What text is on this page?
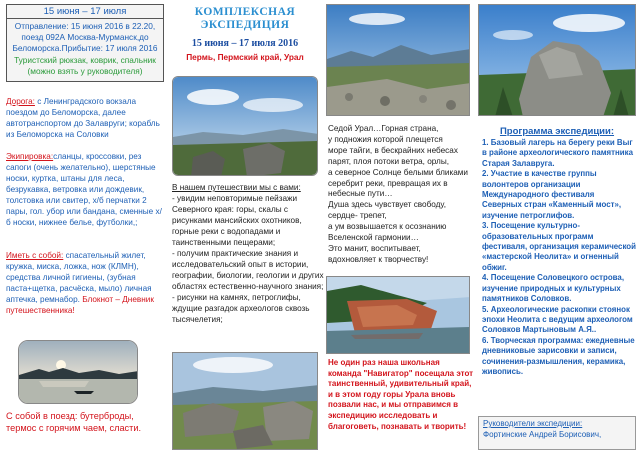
15 июня – 17 июля
Отправление: 15 июня 2016 в 22.20, поезд 092А Москва-Мурманск,до Беломорска.Прибытие: 17 июля 2016
Туристский рюкзак, коврик, спальник (можно взять у руководителя)
Дорога: с Ленинградского вокзала поездом до Беломорска, далее автотранспортом до Залавруги; корабль из Беломорска на Соловки
Экипировка:сланцы, кроссовки, рез сапоги (очень желательно), шерстяные носки, куртка, штаны для леса, безрукавка, ветровка или дождевик, толстовка или свитер, х/б перчатки 2 пары, гол. убор или бандана, сменные х/б носки, нижнее белье, футболки,;
Иметь с собой: спасательный жилет, кружка, миска, ложка, нож (КЛМН), средства личной гигиены, (зубная паста+щетка, расчёска, мыло) личная аптечка, ремнабор. Блокнот – Дневник путешественника!
С собой в поезд: бутерброды, термос с горячим чаем, сласти.
КОМПЛЕКСНАЯ
ЭКСПЕДИЦИЯ
15 июня – 17 июля 2016
Пермь, Пермский край, Урал
В нашем путешествии мы с вами:
- увидим неповторимые пейзажи Северного края: горы, скалы с рисунками мансийских охотников, горные реки с водопадами и таинственными пещерами;
- получим практические знания и исследовательский опыт в истории, географии, биологии, геологии и других областях естественно-научного знания;
- рисунки на камнях, петроглифы, ждущие разгадок археологов сквозь тысячелетия;
Седой Урал…Горная страна,
у подножия которой плещется
море тайги, в бескрайних небесах
парят, плоя потоки ветра, орлы,
а северное Солнце белыми бликами
серебрит реки, превращая их в
небесные пути…
Душа здесь чувствует свободу,
сердце- трепет,
а ум возвышается к осознанию
Вселенской гармонии…
Это манит, воспитывает,
вдохновляет к творчеству!
Не один раз наша школьная команда "Навигатор" посещала этот таинственный, удивительный край, и в этом году горы Урала вновь позвали нас, и мы отправимся в экспедицию исследовать и благоговеть, познавать и творить!
Программа экспедиции:
1. Базовый лагерь на берегу реки Выг в районе археологического памятника Старая Залавруга.
2. Участие в качестве группы волонтеров организации Международного фестиваля Северных стран «Каменный мост», изучение петроглифов.
3. Посещение культурно-образовательных программ фестиваля, организация керамической «мастерской Неолита» и огненный обжиг.
4. Посещение Соловецкого острова, изучение природных и культурных памятников Соловков.
5. Археологические раскопки стоянок эпохи Неолита с ведущим археологом Соловков Мартыновым А.Я..
6. Творческая программа: ежедневные дневниковые зарисовки и записи, сочинения-размышления, керамика, живопись.
Руководители экспедиции:
Фортинские Андрей Борисович,
